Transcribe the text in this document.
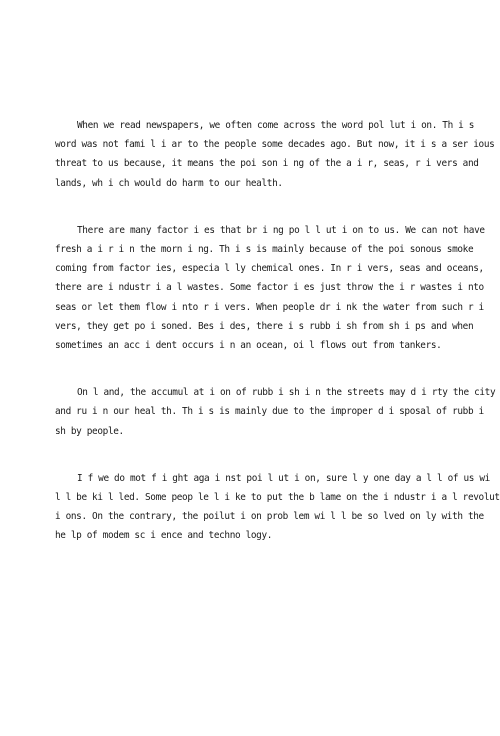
When we read newspapers, we often come across the word pol lut i on. Th i s
word was not fami l i ar to the people some decades ago. But now, it i s a ser ious
threat to us because, it means the poi son i ng of the a i r, seas, r i vers and
lands, wh i ch would do harm to our health.

There are many factor i es that br i ng po l l ut i on to us. We can not have
fresh a i r i n the morn i ng. Th i s is mainly because of the poi sonous smoke
coming from factor ies, especia l ly chemical ones. In r i vers, seas and oceans,
there are i ndustr i a l wastes. Some factor i es just throw the i r wastes i nto
seas or let them flow i nto r i vers. When people dr i nk the water from such r i
vers, they get po i soned. Bes i des, there i s rubb i sh from sh i ps and when
sometimes an acc i dent occurs i n an ocean, oi l flows out from tankers.

On l and, the accumul at i on of rubb i sh i n the streets may d i rty the city
and ru i n our heal th. Th i s is mainly due to the improper d i sposal of rubb i
sh by people.

I f we do mot f i ght aga i nst poi l ut i on, sure l y one day a l l of us wi
l l be ki l led. Some peop le l i ke to put the b lame on the i ndustr i a l revolut
i ons. On the contrary, the poilut i on prob lem wi l l be so lved on ly with the
he lp of modem sc i ence and techno logy.
